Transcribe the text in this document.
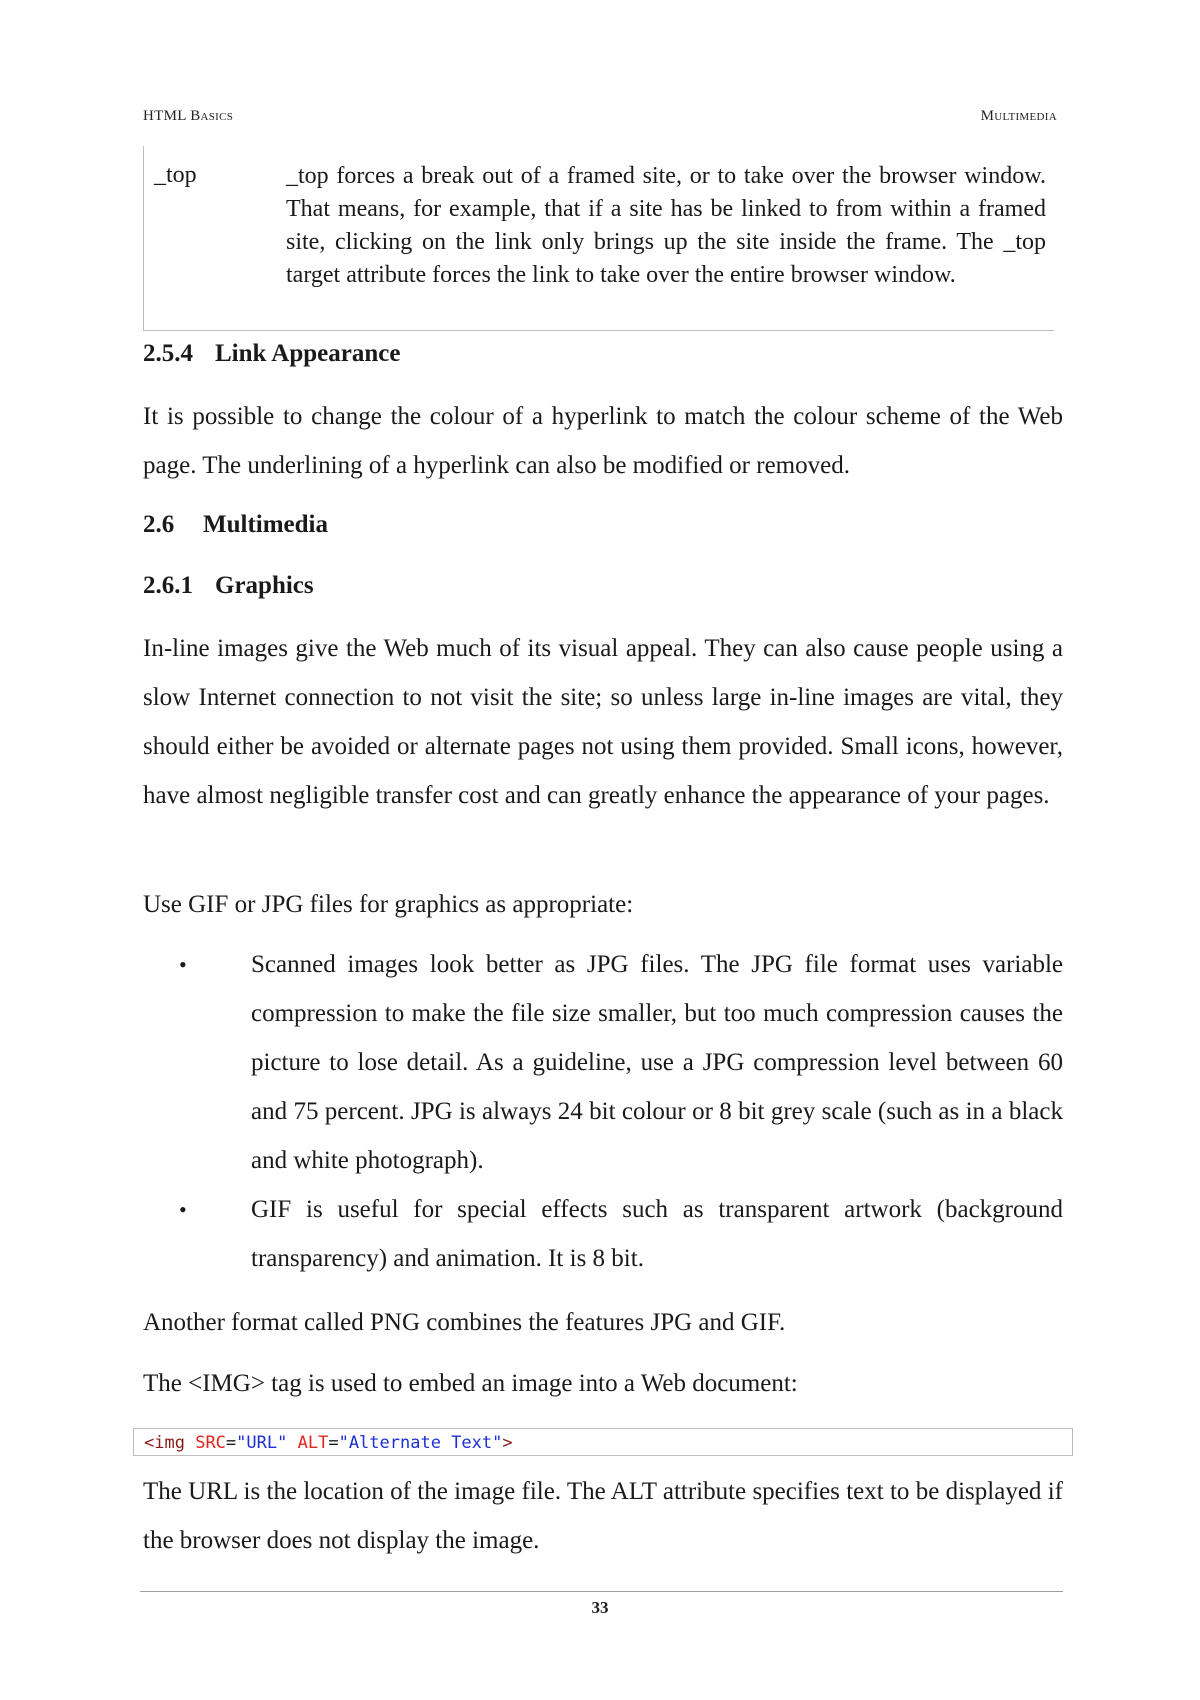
HTML Basics	Multimedia
_top	_top forces a break out of a framed site, or to take over the browser window. That means, for example, that if a site has be linked to from within a framed site, clicking on the link only brings up the site inside the frame. The _top target attribute forces the link to take over the entire browser window.
2.5.4 Link Appearance
It is possible to change the colour of a hyperlink to match the colour scheme of the Web page. The underlining of a hyperlink can also be modified or removed.
2.6 Multimedia
2.6.1 Graphics
In-line images give the Web much of its visual appeal. They can also cause people using a slow Internet connection to not visit the site; so unless large in-line images are vital, they should either be avoided or alternate pages not using them provided. Small icons, however, have almost negligible transfer cost and can greatly enhance the appearance of your pages.
Use GIF or JPG files for graphics as appropriate:
•	Scanned images look better as JPG files. The JPG file format uses variable compression to make the file size smaller, but too much compression causes the picture to lose detail. As a guideline, use a JPG compression level between 60 and 75 percent. JPG is always 24 bit colour or 8 bit grey scale (such as in a black and white photograph).
•	GIF is useful for special effects such as transparent artwork (background transparency) and animation. It is 8 bit.
Another format called PNG combines the features JPG and GIF.
The <IMG> tag is used to embed an image into a Web document:
<img SRC="URL" ALT="Alternate Text">
The URL is the location of the image file. The ALT attribute specifies text to be displayed if the browser does not display the image.
33
